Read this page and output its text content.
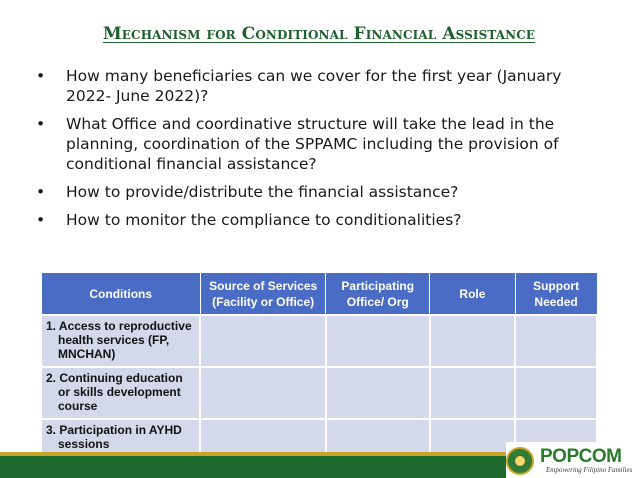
Mechanism for Conditional Financial Assistance
• How many beneficiaries can we cover for the first year (January 2022- June 2022)?
• What Office and coordinative structure will take the lead in the planning, coordination of the SPPAMC including the provision of conditional financial assistance?
• How to provide/distribute the financial assistance?
• How to monitor the compliance to conditionalities?
Conditions	Source of Services (Facility or Office)	Participating Office/ Org	Role	Support Needed

1. Access to reproductive health services (FP, MNCHAN)				

2. Continuing education or skills development course				

3. Participation in AYHD sessions				

POPCOM
Empowering Filipino Families
